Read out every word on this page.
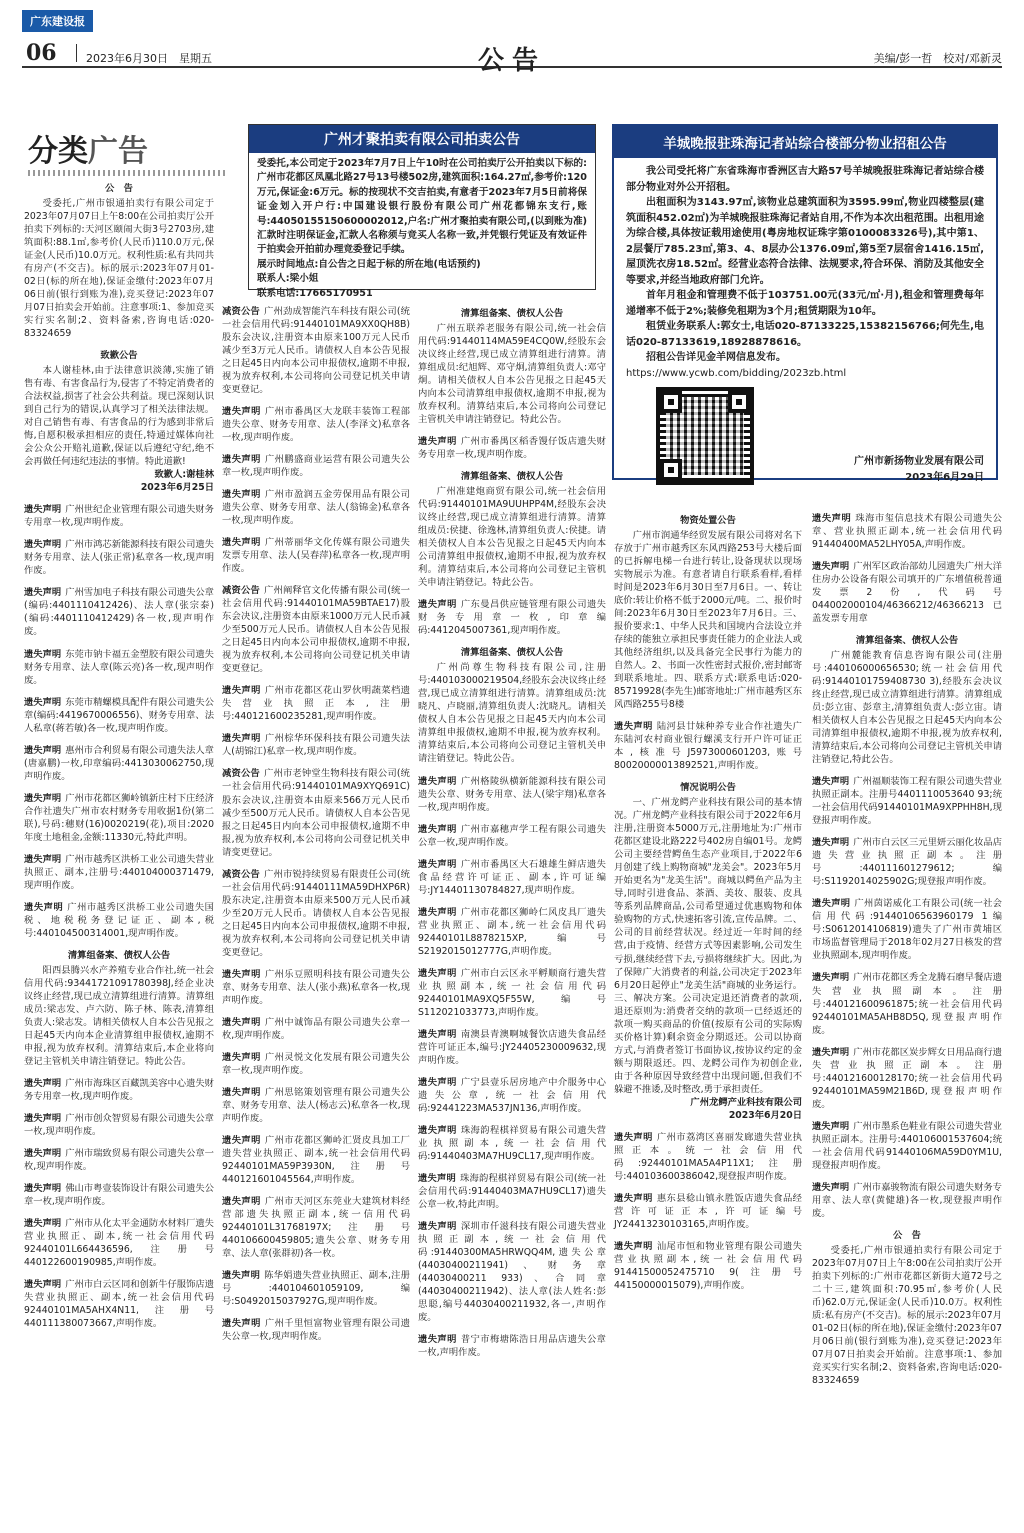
广东建设报
06	2023年6月30日　星期五	公告	美编/彭一哲　校对/邓新灵
分类广告	广州才聚拍卖有限公司拍卖公告
受委托,本公司定于2023年7月7日上午10时在公司拍卖厅公开拍卖以下标的: 广州市花都区凤凰北路27号13号楼502房,建筑面积:164.27㎡,参考价:120万元,保证金:6万元。标的按现状不交吉拍卖,有意者于2023年7月5日前将保证金划入开户行:中国建设银行股份有限公司广州花都锦东支行,账号:44050155150600002012,户名:广州才聚拍卖有限公司,(以到账为准)汇款时注明保证金,汇款人名称须与竞买人名称一致,并凭银行凭证及有效证件于拍卖会开拍前办理竞委登记手续。
展示时间地点:自公告之日起于标的所在地(电话预约)
联系人:梁小姐
联系电话:17665170951
羊城晚报驻珠海记者站综合楼部分物业招租公告
我公司受托将广东省珠海市香洲区吉大路57号羊城晚报驻珠海记者站综合楼部分物业对外公开招租。
出租面积为3143.97㎡,该物业总建筑面积为3595.99㎡,物业四楼整层(建筑面积452.02㎡)为羊城晚报驻珠海记者站自用,不作为本次出租范围。出租用途为综合楼,具体按证载用途使用(粤房地权证珠字第0100083326号),其中第1、2层餐厅785.23㎡,第3、4、8层办公1376.09㎡,第5至7层宿舍1416.15㎡,屋顶洗衣房18.52㎡。经营业态符合法律、法规要求,符合环保、消防及其他安全等要求,并经当地政府部门允许。
首年月租金和管理费不低于103751.00元(33元/㎡·月),租金和管理费每年递增率不低于2%;装修免租期为3个月;租赁期限为10年。
租赁业务联系人:郭女士,电话020-87133225,15382156766;何先生,电话020-87133619,18928878616。
招租公告详见金羊网信息发布。
https://www.ycwb.com/bidding/2023zb.html
广州市新扬物业发展有限公司
2023年6月29日
公　告
受委托,广州市银通拍卖行有限公司定于2023年07月07日上午8:00在公司拍卖厅公开拍卖下列标的:天河区颐闹大街3号2703房,建筑面积:88.1㎡,参考价(人民币)110.0万元,保证金(人民币)10.0万元。权利性质:私有共同共有房产(不交吉)。标的展示:2023年07月01-02日(标的所在地),保证金缴付:2023年07月06日前(银行到账为准),竞买登记:2023年07月07日拍卖会开始前。注意事项:1、参加竞买实行实名制;2、资料备索,咨询电话:020-83324659
致歉公告
本人谢桂林,由于法律意识淡薄,实施了销售有毒、有害食品行为,侵害了不特定消费者的合法权益,损害了社会公共利益。现已深刻认识到自己行为的错误,认真学习了相关法律法规。对自己销售有毒、有害食品的行为感到非常后悔,自愿积极承担相应的责任,特通过媒体向社会公众公开赔礼道歉,保证以后遵纪守纪,绝不会再做任何违纪违法的事情。特此道歉!
致歉人:谢桂林
2023年6月25日
遗失声明 广州世纪企业管理有限公司遗失财务专用章一枚,现声明作废。
遗失声明 广州市鸿芯新能源科技有限公司遗失财务专用章、法人(张正常)私章各一枚,现声明作废。
遗失声明 广州雪加电子科技有限公司遗失公章(编码:4401110412426)、法人章(张宗泰)(编码:4401110412429)各一枚,现声明作废。
遗失声明 东莞市钠卡福五金塑胶有限公司遗失财务专用章、法人章(陈云亮)各一枚,现声明作废。
遗失声明 东莞市精螺模具配件有限公司遗失公章(编码:4419670006556)、财务专用章、法人私章(蒋若敏)各一枚,现声明作废。
遗失声明 惠州市合利贸易有限公司遗失法人章(唐嘉鹏)一枚,印章编码:4413030062750,现声明作废。
遗失声明 广州市花都区狮岭镇新庄村下庄经济合作社遗失广州市农村财务专用收据1份(第二联),号码:穗财(16)0020219(花),项目:2020年度土地租金,金额:11330元,特此声明。
遗失声明 广州市越秀区洪桥工业公司遗失营业执照正、副本,注册号:440104000371479,现声明作废。
遗失声明 广州市越秀区洪桥工业公司遗失国税、地税税务登记证正、副本,税号:440104500314001,现声明作废。
清算组备案、债权人公告
阳西县腾兴水产养殖专业合作社,统一社会信用代码:93441721091780398J,经企业决议终止经营,现已成立清算组进行清算。清算组成员:梁志发、卢六防、陈子林、陈表,清算组负责人:梁志发。请相关债权人自本公告见报之日起45天内向本企业清算组申报债权,逾期不申报,视为放弃权利。清算结束后,本企业将向登记主管机关申请注销登记。特此公告。
遗失声明 广州市海珠区百藏凯美容中心遗失财务专用章一枚,现声明作废。
遗失声明 广州市创众智贸易有限公司遗失公章一枚,现声明作废。
遗失声明 广州市瑞致贸易有限公司遗失公章一枚,现声明作废。
遗失声明 佛山市粤壹装饰设计有限公司遗失公章一枚,现声明作废。
遗失声明 广州市从化太平金通防水材料厂遗失营业执照正、副本,统一社会信用代码92440101L664436596,注册号440122600190985,声明作废。
遗失声明 广州市白云区同和创新牛仔服饰店遗失营业执照正、副本,统一社会信用代码92440101MA5AHX4N11,注册号440111380073667,声明作废。
减资公告 广州劲成智能汽车科技有限公司(统一社会信用代码:91440101MA9XX0QH8B)股东会决议,注册资本由原来100万元人民币减少至3万元人民币。请债权人自本公告见报之日起45日内向本公司申报债权,逾期不申报,视为放弃权利,本公司将向公司登记机关申请变更登记。
遗失声明 广州市番禺区大龙联丰装饰工程部遗失公章、财务专用章、法人(李泽文)私章各一枚,现声明作废。
遗失声明 广州鹏盛商业运营有限公司遗失公章一枚,现声明作废。
遗失声明 广州市盈润五金劳保用品有限公司遗失公章、财务专用章、法人(翁锦金)私章各一枚,现声明作废。
遗失声明 广州蒂丽华文化传媒有限公司遗失发票专用章、法人(吴春萍)私章各一枚,现声明作废。
减资公告 广州阐释官文化传播有限公司(统一社会信用代码:91440101MA59BTAE17)股东会决议,注册资本由原来1000万元人民币减少至500万元人民币。请债权人自本公告见报之日起45日内向本公司申报债权,逾期不申报,视为放弃权利,本公司将向公司登记机关申请变更登记。
遗失声明 广州市花都区花山罗伙明蔬菜档遗失营业执照正本,注册号:440121600235281,现声明作废。
遗失声明 广州棕华环保科技有限公司遗失法人(胡锦江)私章一枚,现声明作废。
减资公告 广州市老钟堂生物科技有限公司(统一社会信用代码:91440101MA9XYQ691C)股东会决议,注册资本由原来566万元人民币减少至500万元人民币。请债权人自本公告见报之日起45日内向本公司申报债权,逾期不申报,视为放弃权利,本公司将向公司登记机关申请变更登记。
减资公告 广州市锐持续贸易有限责任公司(统一社会信用代码:91440111MA59DHXP6R)股东决定,注册资本由原来500万元人民币减少至20万元人民币。请债权人自本公告见报之日起45日内向本公司申报债权,逾期不申报,视为放弃权利,本公司将向公司登记机关申请变更登记。
遗失声明 广州乐豆照明科技有限公司遗失公章、财务专用章、法人(张小燕)私章各一枚,现声明作废。
遗失声明 广州中诚饰品有限公司遗失公章一枚,现声明作废。
遗失声明 广州灵悦文化发展有限公司遗失公章一枚,现声明作废。
遗失声明 广州思铭策划管理有限公司遗失公章、财务专用章、法人(杨志云)私章各一枚,现声明作废。
遗失声明 广州市花都区狮岭汇贤皮具加工厂遗失营业执照正、副本,统一社会信用代码92440101MA59P3930N,注册号440121601045564,声明作废。
遗失声明 广州市天河区东莞业大建筑材料经营部遗失执照正副本,统一信用代码92440101L31768197X;注册号440106600459805;遗失公章、财务专用章、法人章(张群初)各一枚。
遗失声明 陈华娟遗失营业执照正、副本,注册号:440104601059109,编号:S0492015037927G,现声明作废。
遗失声明 广州千里恒富物业管理有限公司遗失公章一枚,现声明作废。
清算组备案、债权人公告
广州五联养老服务有限公司,统一社会信用代码:91440114MA59E4CQ0W,经股东会决议终止经营,现已成立清算组进行清算。清算组成员:纪旭辉、邓守炯,清算组负责人:邓守炯。请相关债权人自本公告见报之日起45天内向本公司清算组申报债权,逾期不申报,视为放弃权利。清算结束后,本公司将向公司登记主管机关申请注销登记。特此公告。
遗失声明 广州市番禺区稻香馒仔饭店遗失财务专用章一枚,现声明作废。
清算组备案、债权人公告
广州准建炮商贸有限公司,统一社会信用代码:91440101MA9UUHPP4M,经股东会决议终止经营,现已成立清算组进行清算。清算组成员:侯捷、徐逸林,清算组负责人:侯捷。请相关债权人自本公告见报之日起45天内向本公司清算组申报债权,逾期不申报,视为放弃权利。清算结束后,本公司将向公司登记主管机关申请注销登记。特此公告。
遗失声明 广东曼昌供应链管理有限公司遗失财务专用章一枚,印章编码:4412045007361,现声明作废。
清算组备案、债权人公告
广州尚尊生物科技有限公司,注册号:440103000219504,经股东会决议终止经营,现已成立清算组进行清算。清算组成员:沈晓凡、卢晓丽,清算组负责人:沈晓凡。请相关债权人自本公告见报之日起45天内向本公司清算组申报债权,逾期不申报,视为放弃权利。清算结束后,本公司将向公司登记主管机关申请注销登记。特此公告。
遗失声明 广州格陵纵横新能源科技有限公司遗失公章、财务专用章、法人(梁宇翔)私章各一枚,现声明作废。
遗失声明 广州市嘉穗声学工程有限公司遗失公章一枚,现声明作废。
遗失声明 广州市番禺区大石雄雄生鲜店遗失食品经营许可证正、副本,许可证编号:JY14401130784827,现声明作废。
遗失声明 广州市花都区狮岭仁风皮具厂遗失营业执照正、副本,统一社会信用代码92440101L8878215XP,编号S2192015012777G,声明作废。
遗失声明 广州市白云区永平孵顺商行遗失营业执照副本,统一社会信用代码92440101MA9XQ5F55W,编号S112021033773,声明作废。
遗失声明 南澳县青澳啊城餐饮店遗失食品经营许可证正本,编号:JY24405230009632,现声明作废。
遗失声明 广宁县壹乐居房地产中介服务中心遗失公章,统一社会信用代码:92441223MA537JN136,声明作废。
遗失声明 珠海韵程棋祥贸易有限公司遗失营业执照副本,统一社会信用代码:91440403MA7HU9CL17,现声明作废。
遗失声明 珠海韵程棋祥贸易有限公司(统一社会信用代码:91440403MA7HU9CL17)遗失公章一枚,特此声明。
遗失声明 深圳市仟滋科技有限公司遗失营业执照正副本,统一社会信用代码:91440300MA5HRWQQ4M,遗失公章(44030400211941)、财务章(44030400211 933)、合同章(44030400211942)、法人章(法人姓名:彭思聪,编号44030400211932,各一,声明作废。
遗失声明 普宁市梅塘陈浩日用品店遗失公章一枚,声明作废。
物资处置公告
广州市润通华经贸发展有限公司将对名下存放于广州市越秀区东风西路253号大楼后面的已拆解电梯一台进行转让,设备现状以现场实物展示为准。有意者请自行联系看样,看样时间是2023年6月30日至7月6日。一、转让底价:转让价格不低于2000元/吨。二、报价时间:2023年6月30日至2023年7月6日。三、报价要求:1、中华人民共和国境内合法设立并存续的能独立承担民事责任能力的企业法人或其他经济组织,以及具备完全民事行为能力的自然人。2、书面一次性密封式报价,密封邮寄到联系地址。四、联系方式:联系电话:020-85719928(李先生)邮寄地址:广州市越秀区东风西路255号8楼
遗失声明 陆河县廿妹种养专业合作社遗失广东陆河农村商业银行螺溪支行开户许可证正本,核准号J5973000601203,账号80020000013892521,声明作废。
情况说明公告
一、广州龙鳄产业科技有限公司的基本情况。广州龙鳄产业科技有限公司于2022年6月注册,注册资本5000万元,注册地址为:广州市花都区建设北路222号402房自编01号。龙鳄公司主要经营鳄鱼生态产业项目,于2022年6月创建了线上购物商城"龙美会"。2023年5月开始更名为"龙美生活"。商城以鳄鱼产品为主导,同时引进食品、茶酒、美妆、服装、皮具等系列品牌商品,公司希望通过优惠购物和体验购物的方式,快速拓客引流,宣传品牌。二、公司的目前经营状况。经过近一年时间的经营,由于疫情、经营方式等因素影响,公司发生亏损,继续经营下去,亏损将继续扩大。因此,为了保障广大消费者的利益,公司决定于2023年6月20日起停止"龙美生活"商城的业务运行。三、解决方案。公司决定退还消费者的款项,退还原则为:消费者交纳的款项一已经返还的款项一购买商品的价值(按原有公司的实际购买价格计算)剩余资金分期返还。公司以协商方式,与消费者签订书面协议,按协议约定的金额与期限返还。四、龙鳄公司作为初创企业,由于各种原因导致经营中出现问题,但我们不躲避不推诿,及时整改,勇于承担责任。
广州龙鳄产业科技有限公司
2023年6月20日
遗失声明 广州市荔湾区喜丽发廊遗失营业执照正本。统一社会信用代码:92440101MA5A4P11X1;注册号:440103600386042,现登报声明作废。
遗失声明 惠东县稔山镇永胜饭店遗失食品经营许可证正本,许可证编号JY24413230103165,声明作废。
遗失声明 汕尾市恒和物业管理有限公司遗失营业执照副本,统一社会信用代码91441500052475710 9(注册号44150000015079),声明作废。
遗失声明 珠海市玺信息技术有限公司遗失公章、营业执照正副本,统一社会信用代码91440400MA52LHY05A,声明作废。
遗失声明 广州军区政治部幼儿园遗失广州大洋住房办公设备有限公司填开的广东增值税普通发票2份,代码号044002000104/46366212/46366213已盖发票专用章
清算组备案、债权人公告
广州麓能教育信息咨询有限公司(注册号:440106000656530;统一社会信用代码:91440101759408730 3),经股东会决议终止经营,现已成立清算组进行清算。清算组成员:彭立宙、彭章主,清算组负责人:彭立宙。请相关债权人自本公告见报之日起45天内向本公司清算组申报债权,逾期不申报,视为放弃权利,清算结束后,本公司将向公司登记主管机关申请注销登记,特此公告。
遗失声明 广州福顺装饰工程有限公司遗失营业执照正副本。注册号4401110053640 93;统一社会信用代码91440101MA9XPPHH8H,现登报声明作废。
遗失声明 广州市白云区三元里妍云丽化妆品店遗失营业执照正副本。注册号:440111601279612;编号:S1192014025902G;现登报声明作废。
遗失声明 广州茵诺威化工有限公司(统一社会信用代码:91440106563960179 1编号:S0612014106819)遗失了广州市黄埔区市场监督管理局于2018年02月27日核发的营业执照副本,现声明作废。
遗失声明 广州市花都区秀全龙腾石磨早餐店遗失营业执照副本。注册号:440121600961875;统一社会信用代码92440101MA5AHB8D5Q,现登报声明作废。
遗失声明 广州市花都区炭步辉女日用品商行遗失营业执照正副本。注册号:440121600128170;统一社会信用代码92440101MA59M21B6D,现登报声明作废。
遗失声明 广州市墨系色鞋业有限公司遗失营业执照正副本。注册号:440106001537604;统一社会信用代码91440106MA59D0YM1U,现登报声明作废。
遗失声明 广州市嘉骏物流有限公司遗失财务专用章、法人章(黄健雄)各一枚,现登报声明作废。
公　告
受委托,广州市银通拍卖行有限公司定于2023年07月07日上午8:00在公司拍卖厅公开拍卖下列标的:广州市花都区新街大道72号之二十三,建筑面积:70.95㎡,参考价(人民币)62.0万元,保证金(人民币)10.0万。权利性质:私有房产(不交吉)。标的展示:2023年07月01-02日(标的所在地),保证金缴付:2023年07月06日前(银行到账为准),竞买登记:2023年07月07日拍卖会开始前。注意事项:1、参加竞买实行实名制;2、资料备索,咨询电话:020-83324659
